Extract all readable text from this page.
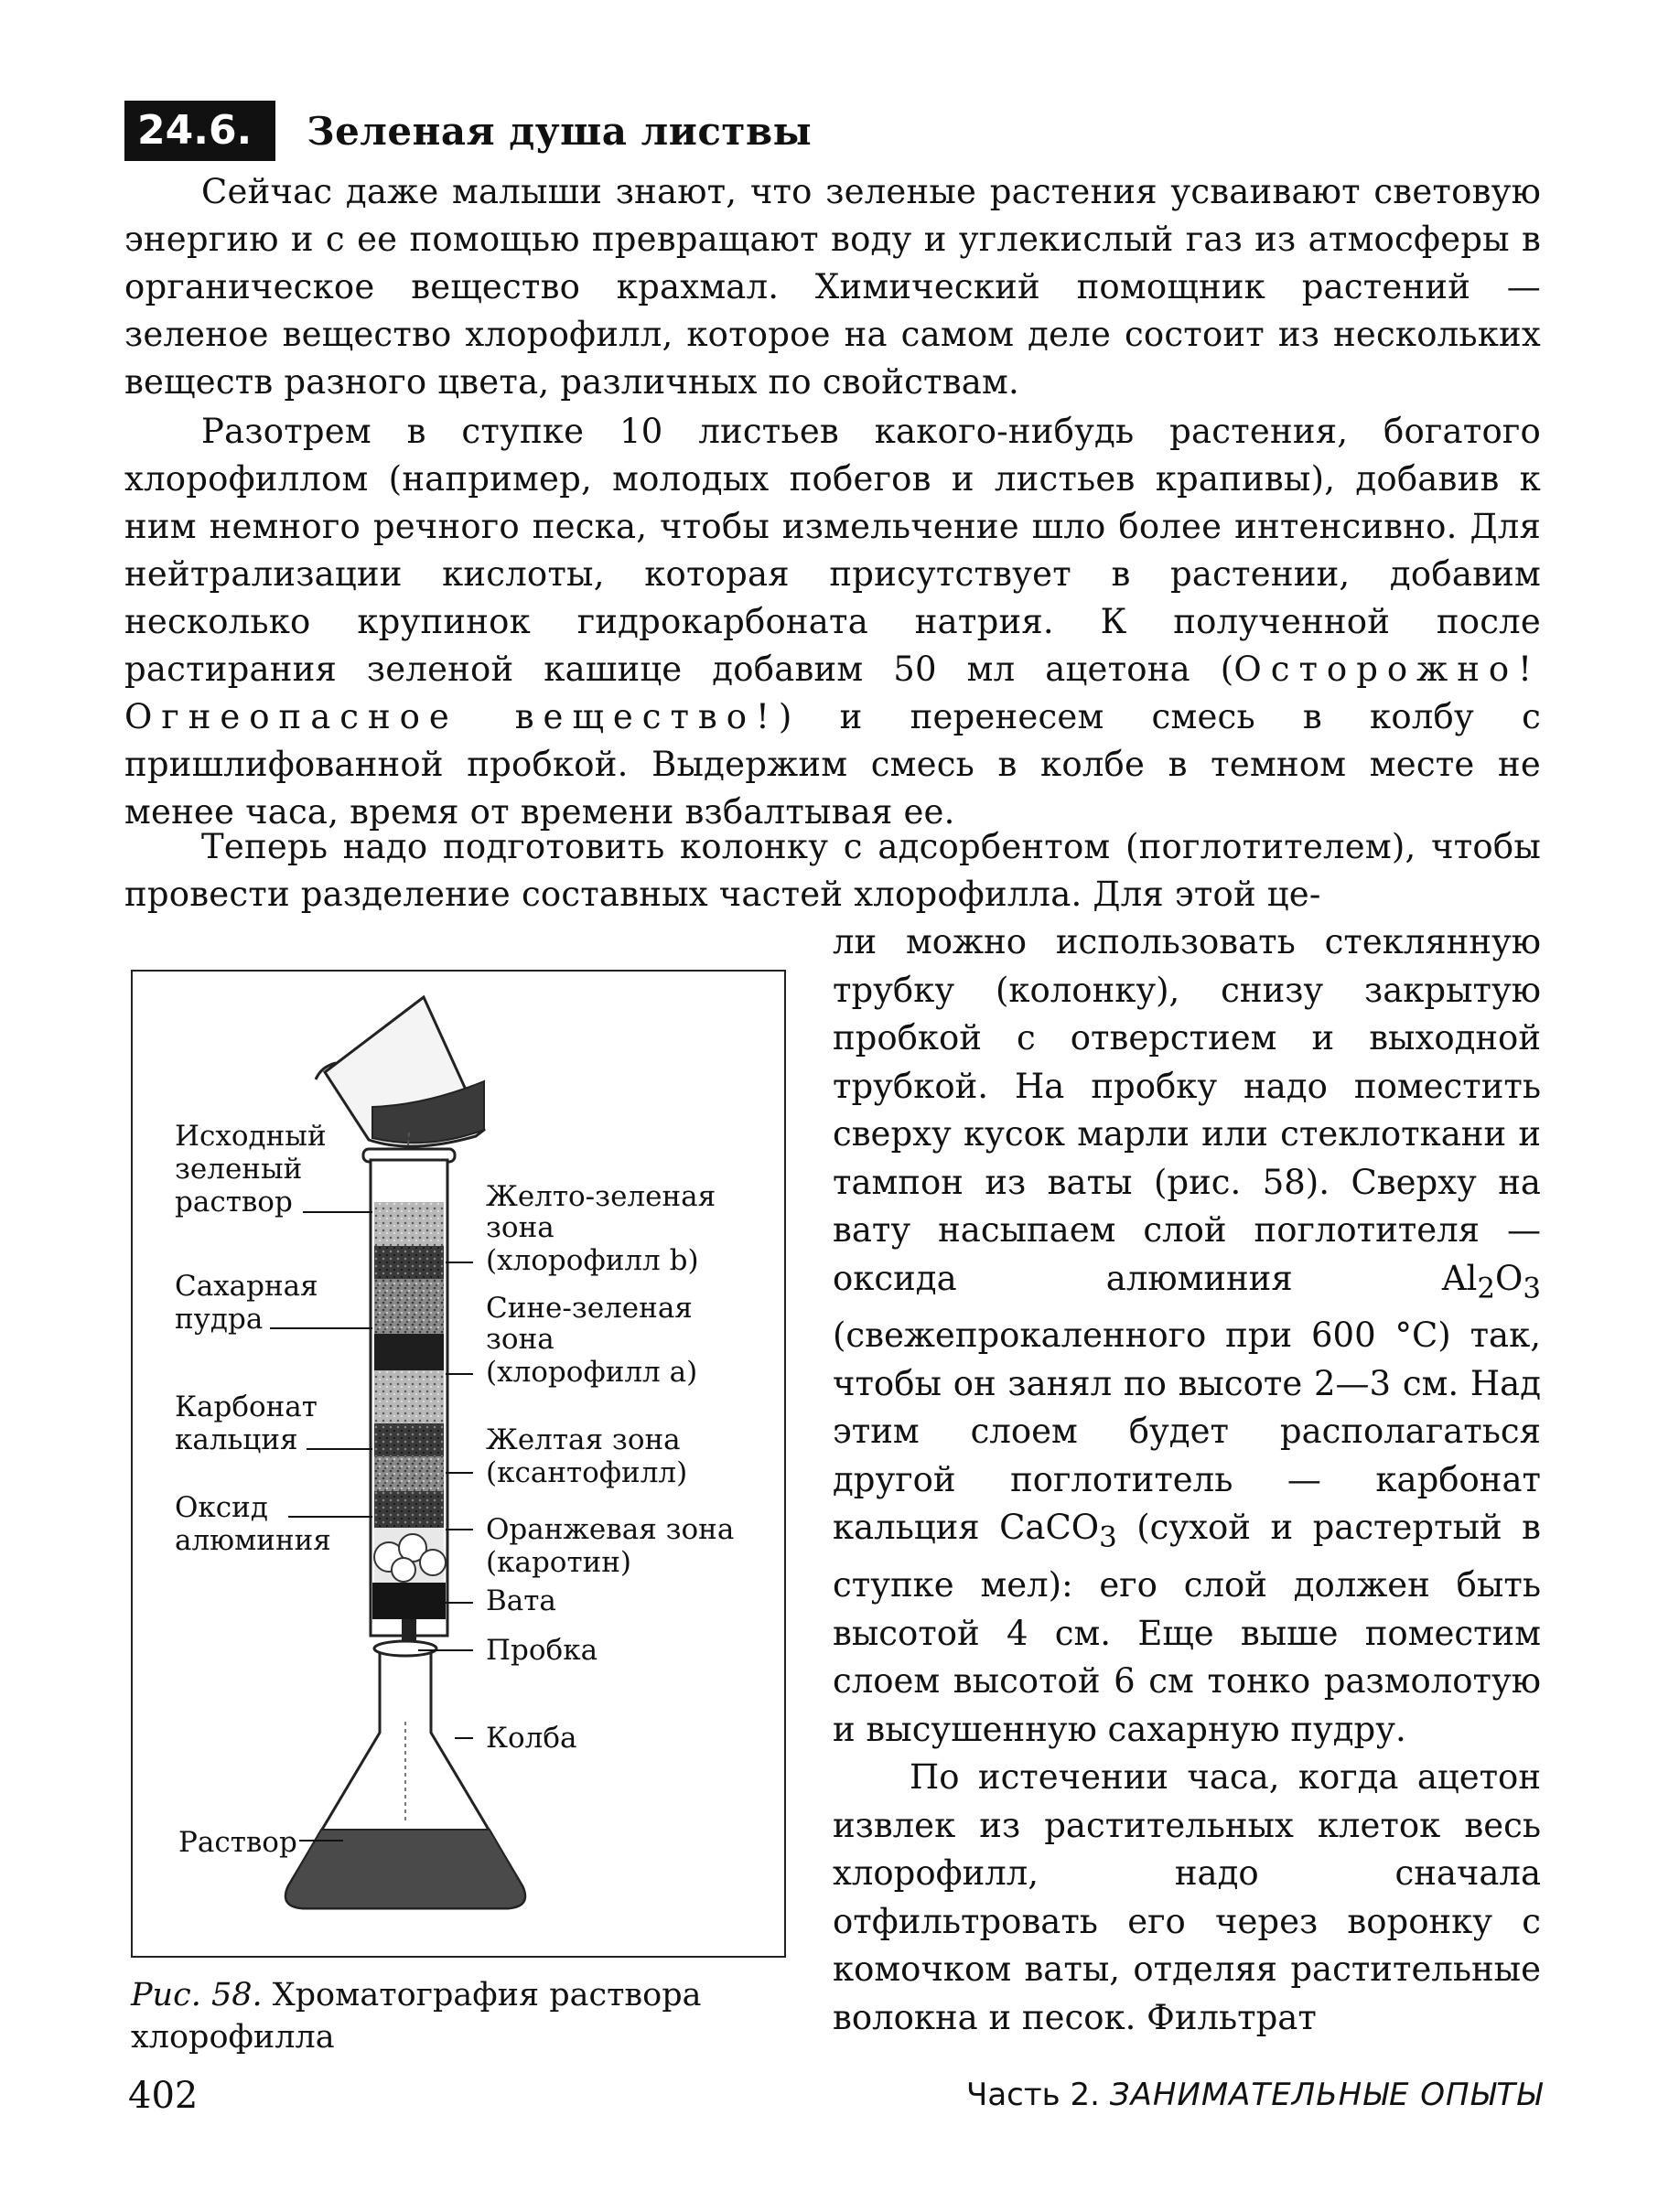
24.6.	Зеленая душа листвы

Сейчас даже малыши знают, что зеленые растения усваивают световую энергию и с ее помощью превращают воду и углекислый газ из атмосферы в органическое вещество крахмал. Химический помощник растений — зеленое вещество хлорофилл, которое на самом деле состоит из нескольких веществ разного цвета, различных по свойствам.

Разотрем в ступке 10 листьев какого-нибудь растения, богатого хлорофиллом (например, молодых побегов и листьев крапивы), добавив к ним немного речного песка, чтобы измельчение шло более интенсивно. Для нейтрализации кислоты, которая присутствует в растении, добавим несколько крупинок гидрокарбоната натрия. К полученной после растирания зеленой кашице добавим 50 мл ацетона (Осторожно! Огнеопасное вещество!) и перенесем смесь в колбу с пришлифованной пробкой. Выдержим смесь в колбе в темном месте не менее часа, время от времени взбалтывая ее.

Теперь надо подготовить колонку с адсорбентом (поглотителем), чтобы провести разделение составных частей хлорофилла. Для этой це-

ли можно использовать стеклянную трубку (колонку), снизу закрытую пробкой с отверстием и выходной трубкой. На пробку надо поместить сверху кусок марли или стеклоткани и тампон из ваты (рис. 58). Сверху на вату насыпаем слой поглотителя — оксида алюминия $Al_2O_3$ (свежепрокаленного при 600 °С) так, чтобы он занял по высоте 2—3 см. Над этим слоем будет располагаться другой поглотитель — карбонат кальция CaCO$_3$ (сухой и растертый в ступке мел): его слой должен быть высотой 4 см. Еще выше поместим слоем высотой 6 см тонко размолотую и высушенную сахарную пудру.

По истечении часа, когда ацетон извлек из растительных клеток весь хлорофилл, надо сначала отфильтровать его через воронку с комочком ваты, отделяя растительные волокна и песок. Фильтрат

Исходный
зеленый
раствор
Сахарная
пудра
Карбонат
кальция
Оксид
алюминия
Раствор
Желто-зеленая
зона
(хлорофилл b)
Сине-зеленая
зона
(хлорофилл a)
Желтая зона
(ксантофилл)
Оранжевая зона
(каротин)
Вата
Пробка
Колба
Рис. 58. Хроматография раствора хлорофилла
402	Часть 2. ЗАНИМАТЕЛЬНЫЕ ОПЫТЫ
